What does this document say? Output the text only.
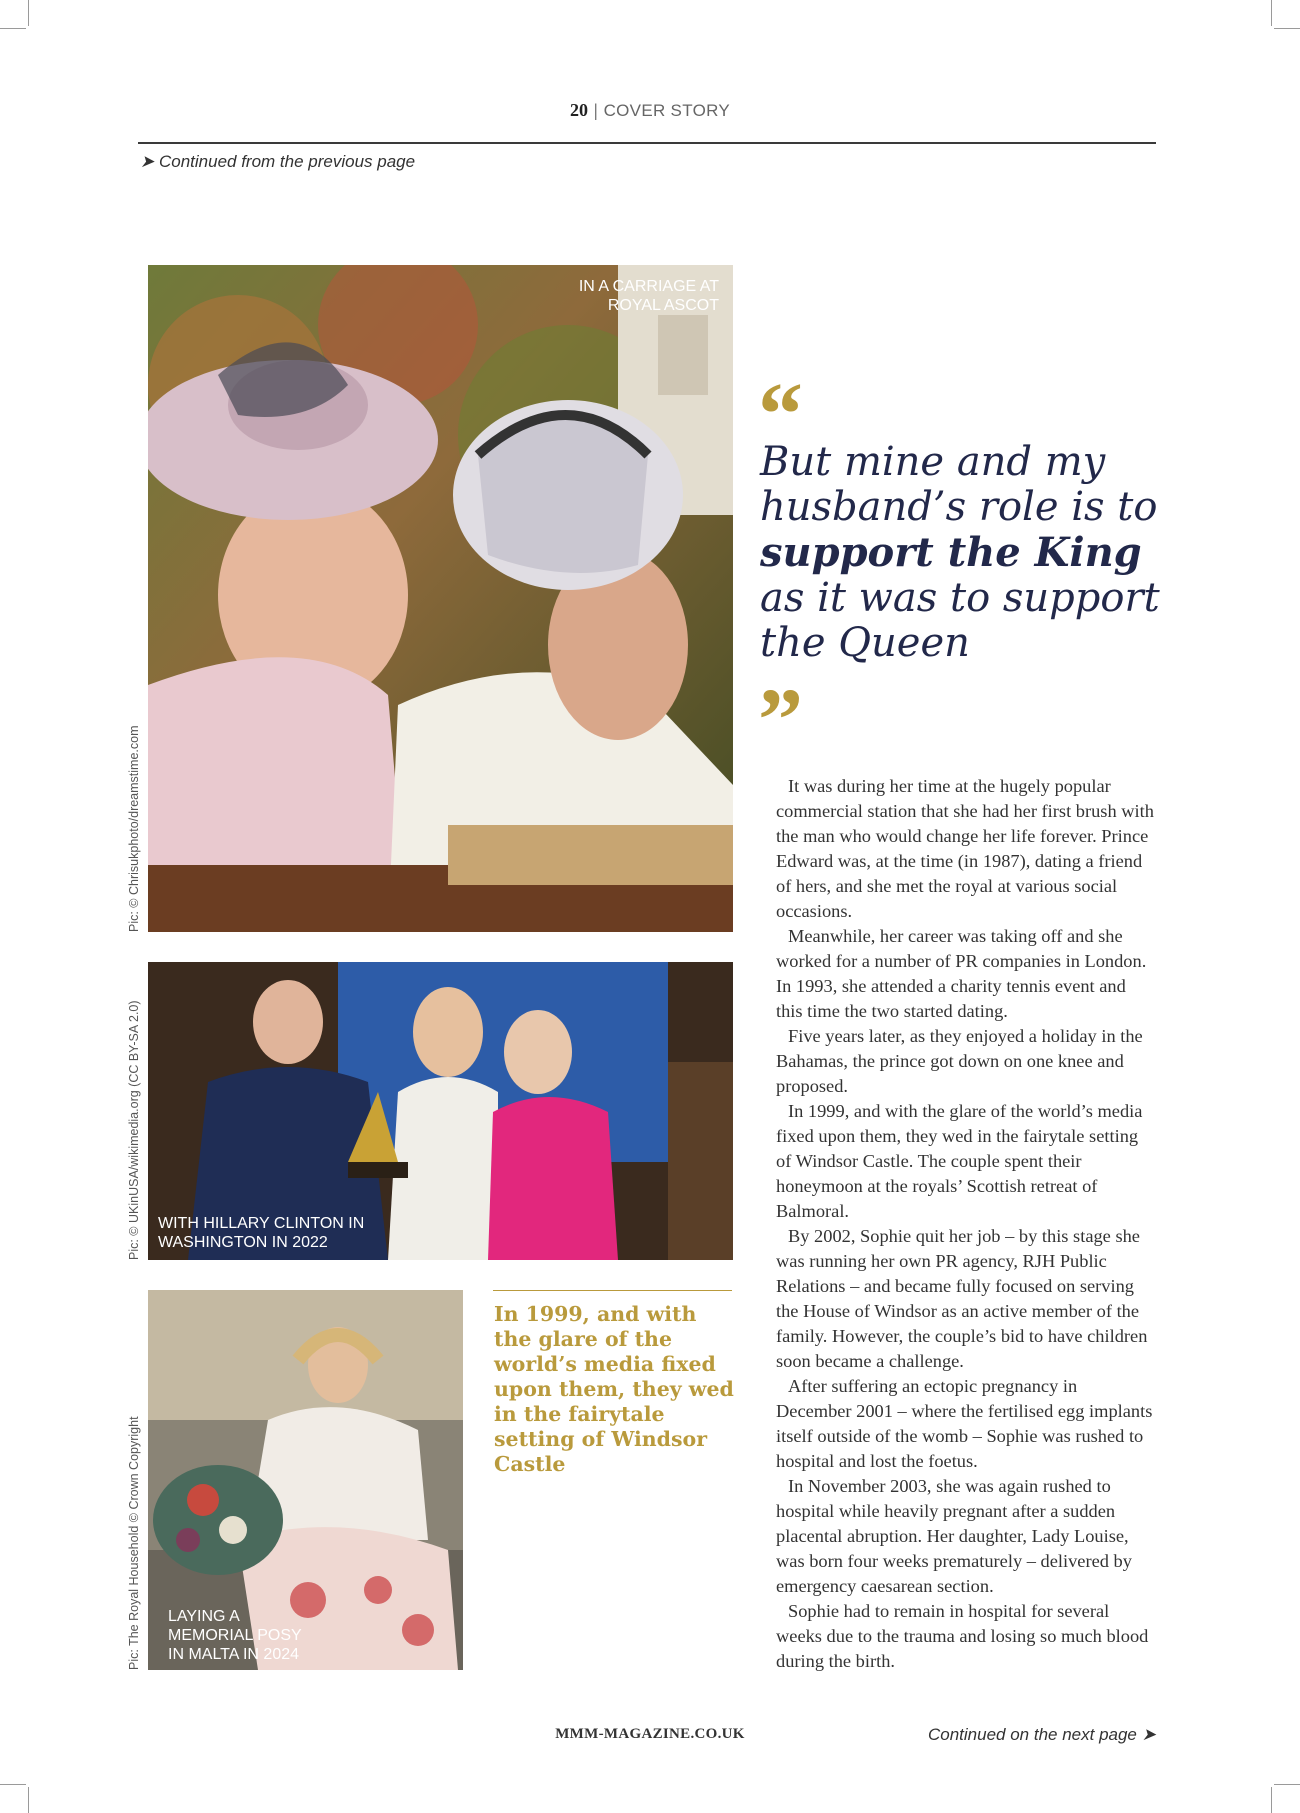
20 | COVER STORY
➤ Continued from the previous page
IN A CARRIAGE AT
ROYAL ASCOT
Pic: © Chrisukphoto/dreamstime.com
WITH HILLARY CLINTON IN
WASHINGTON IN 2022
Pic: © UKinUSA/wikimedia.org (CC BY-SA 2.0)
LAYING A
MEMORIAL POSY
IN MALTA IN 2024
Pic: The Royal Household © Crown Copyright
“
But mine and my husband’s role is to support the King as it was to support the Queen
”
In 1999, and with the glare of the world’s media fixed upon them, they wed in the fairytale setting of Windsor Castle

It was during her time at the hugely popular commercial station that she had her first brush with the man who would change her life forever. Prince Edward was, at the time (in 1987), dating a friend of hers, and she met the royal at various social occasions.

Meanwhile, her career was taking off and she worked for a number of PR companies in London. In 1993, she attended a charity tennis event and this time the two started dating.

Five years later, as they enjoyed a holiday in the Bahamas, the prince got down on one knee and proposed.

In 1999, and with the glare of the world’s media fixed upon them, they wed in the fairytale setting of Windsor Castle. The couple spent their honeymoon at the royals’ Scottish retreat of Balmoral.

By 2002, Sophie quit her job – by this stage she was running her own PR agency, RJH Public Relations – and became fully focused on serving the House of Windsor as an active member of the family. However, the couple’s bid to have children soon became a challenge.

After suffering an ectopic pregnancy in December 2001 – where the fertilised egg implants itself outside of the womb – Sophie was rushed to hospital and lost the foetus.

In November 2003, she was again rushed to hospital while heavily pregnant after a sudden placental abruption. Her daughter, Lady Louise, was born four weeks prematurely – delivered by emergency caesarean section.

Sophie had to remain in hospital for several weeks due to the trauma and losing so much blood during the birth.

MMM-MAGAZINE.CO.UK	Continued on the next page ➤
